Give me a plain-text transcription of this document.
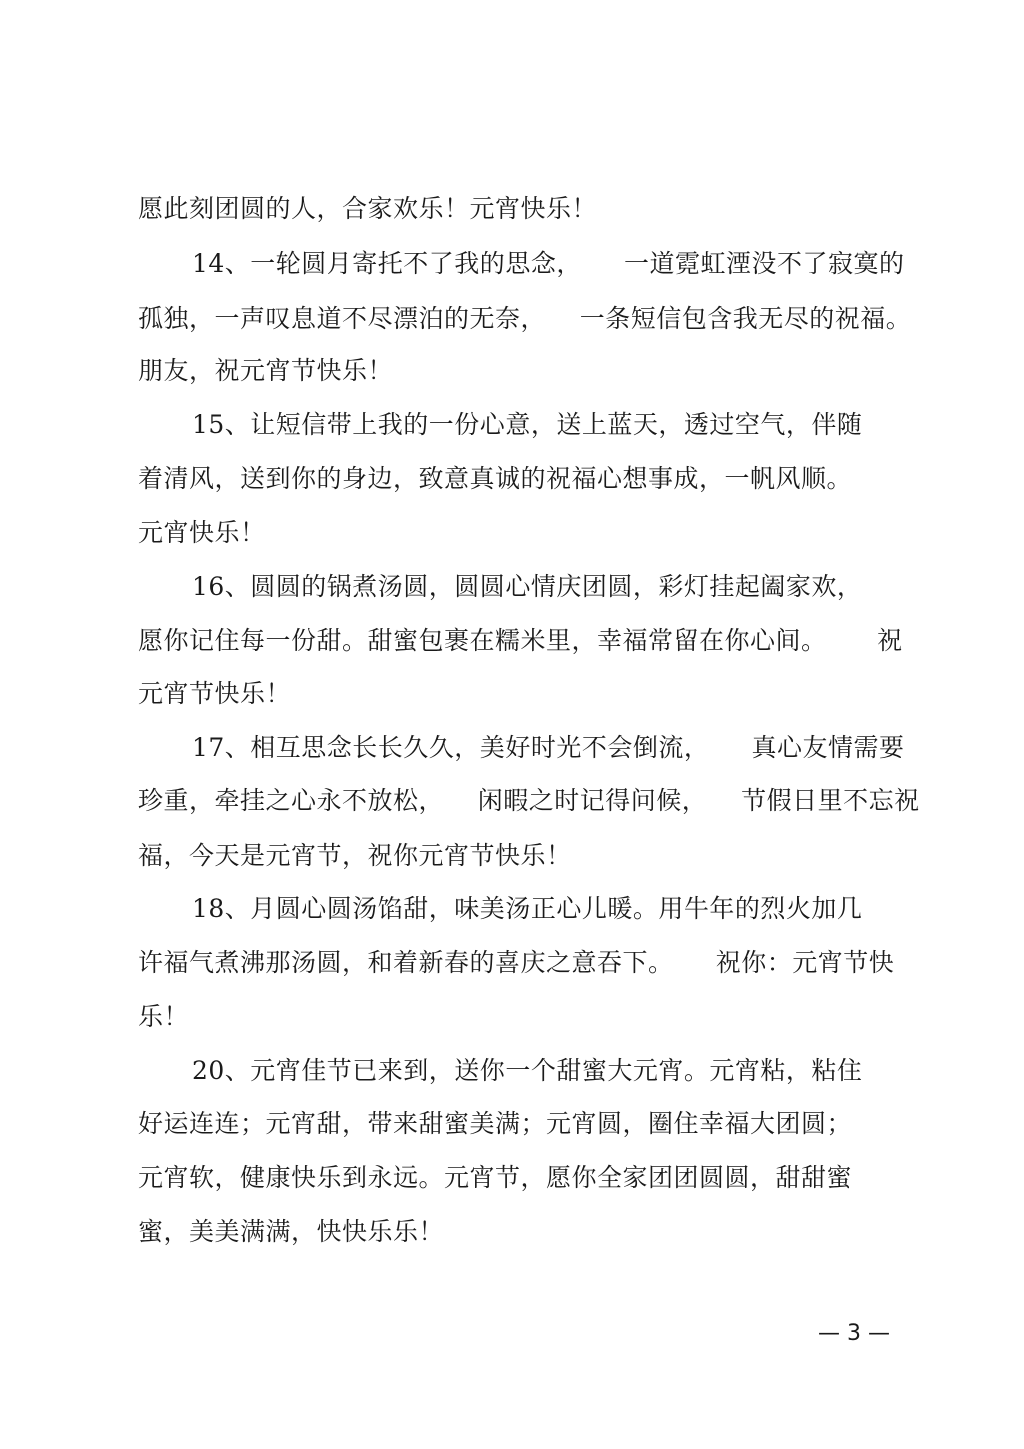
愿此刻团圆的人，合家欢乐！元宵快乐！
14、一轮圆月寄托不了我的思念，     一道霓虹湮没不了寂寞的
孤独，一声叹息道不尽漂泊的无奈，    一条短信包含我无尽的祝福。
朋友，祝元宵节快乐！
15、让短信带上我的一份心意，送上蓝天，透过空气，伴随
着清风，送到你的身边，致意真诚的祝福心想事成，一帆风顺。
元宵快乐！
16、圆圆的锅煮汤圆，圆圆心情庆团圆，彩灯挂起阖家欢，
愿你记住每一份甜。甜蜜包裹在糯米里，幸福常留在你心间。      祝
元宵节快乐！
17、相互思念长长久久，美好时光不会倒流，     真心友情需要
珍重，牵挂之心永不放松，    闲暇之时记得问候，    节假日里不忘祝
福，今天是元宵节，祝你元宵节快乐！
18、月圆心圆汤馅甜，味美汤正心儿暖。用牛年的烈火加几
许福气煮沸那汤圆，和着新春的喜庆之意吞下。     祝你：元宵节快
乐！
20、元宵佳节已来到，送你一个甜蜜大元宵。元宵粘，粘住
好运连连；元宵甜，带来甜蜜美满；元宵圆，圈住幸福大团圆；
元宵软，健康快乐到永远。元宵节，愿你全家团团圆圆，甜甜蜜
蜜，美美满满，快快乐乐！
— 3 —
